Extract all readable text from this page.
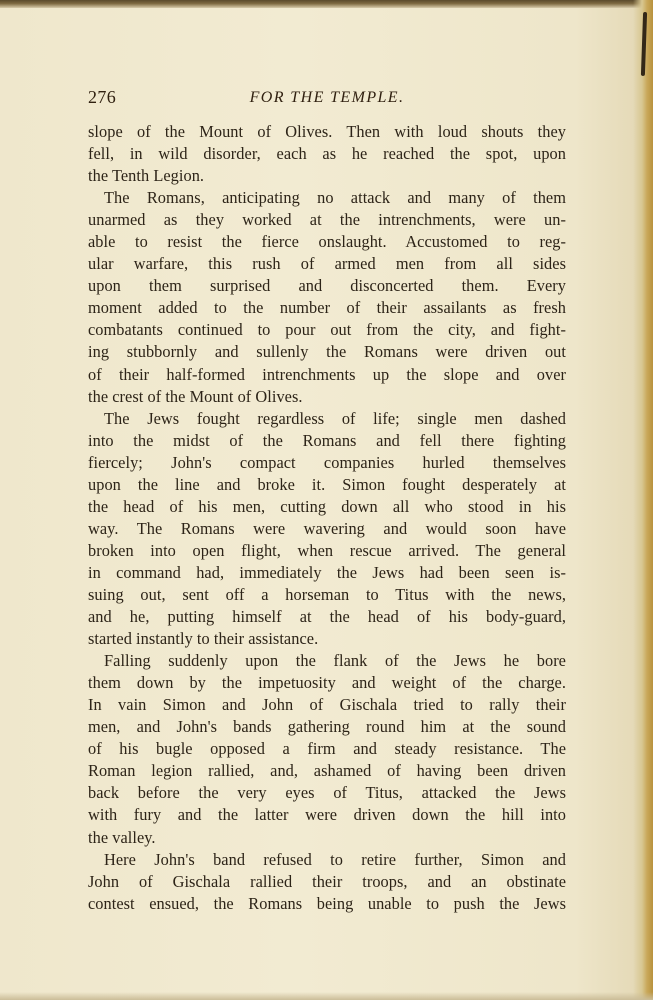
276	FOR THE TEMPLE.
slope of the Mount of Olives. Then with loud shouts they
fell, in wild disorder, each as he reached the spot, upon
the Tenth Legion.
The Romans, anticipating no attack and many of them
unarmed as they worked at the intrenchments, were un-
able to resist the fierce onslaught. Accustomed to reg-
ular warfare, this rush of armed men from all sides
upon them surprised and disconcerted them. Every
moment added to the number of their assailants as fresh
combatants continued to pour out from the city, and fight-
ing stubbornly and sullenly the Romans were driven out
of their half-formed intrenchments up the slope and over
the crest of the Mount of Olives.
The Jews fought regardless of life; single men dashed
into the midst of the Romans and fell there fighting
fiercely; John's compact companies hurled themselves
upon the line and broke it. Simon fought desperately at
the head of his men, cutting down all who stood in his
way. The Romans were wavering and would soon have
broken into open flight, when rescue arrived. The general
in command had, immediately the Jews had been seen is-
suing out, sent off a horseman to Titus with the news,
and he, putting himself at the head of his body-guard,
started instantly to their assistance.
Falling suddenly upon the flank of the Jews he bore
them down by the impetuosity and weight of the charge.
In vain Simon and John of Gischala tried to rally their
men, and John's bands gathering round him at the sound
of his bugle opposed a firm and steady resistance. The
Roman legion rallied, and, ashamed of having been driven
back before the very eyes of Titus, attacked the Jews
with fury and the latter were driven down the hill into
the valley.
Here John's band refused to retire further, Simon and
John of Gischala rallied their troops, and an obstinate
contest ensued, the Romans being unable to push the Jews
